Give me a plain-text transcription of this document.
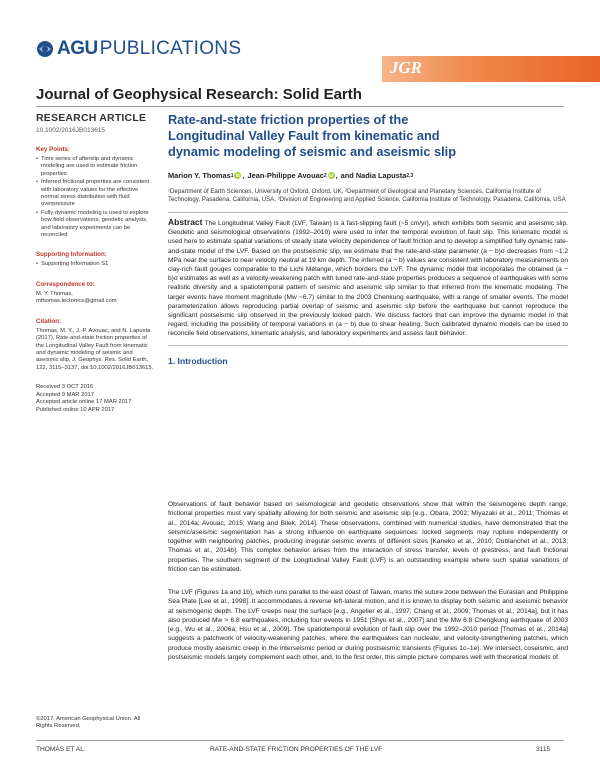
AGU PUBLICATIONS
JGR
Journal of Geophysical Research: Solid Earth
RESEARCH ARTICLE
10.1002/2016JB013615
Key Points:
• Time series of afterslip and dynamic modeling are used to estimate friction properties
• Inferred frictional properties are consistent with laboratory values for the effective normal stress distribution with fluid overpressure
• Fully dynamic modeling is used to explore how field observations, geodetic analysis, and laboratory experiments can be reconciled
Supporting Information:
• Supporting Information S1
Correspondence to:
M. Y. Thomas,
mthomas.tectonics@gmail.com
Citation:
Thomas, M. Y., J.-P. Avouac, and N. Lapusta (2017), Rate-and-state friction properties of the Longitudinal Valley Fault from kinematic and dynamic modeling of seismic and aseismic slip, J. Geophys. Res. Solid Earth, 122, 3115–3137, doi:10.1002/2016JB013615.
Received 3 OCT 2016
Accepted 9 MAR 2017
Accepted article online 17 MAR 2017
Published online 10 APR 2017
©2017. American Geophysical Union. All Rights Reserved.
Rate-and-state friction properties of the Longitudinal Valley Fault from kinematic and dynamic modeling of seismic and aseismic slip
Marion Y. Thomas 1 iD , Jean-Philippe Avouac 2 iD , and Nadia Lapusta 2,3
¹Department of Earth Sciences, University of Oxford, Oxford, UK, ²Department of Geological and Planetary Sciences, California Institute of Technology, Pasadena, California, USA, ³Division of Engineering and Applied Science, California Institute of Technology, Pasadena, California, USA
Abstract The Longitudinal Valley Fault (LVF, Taiwan) is a fast-slipping fault (~5 cm/yr), which exhibits both seismic and aseismic slip. Geodetic and seismological observations (1992–2010) were used to infer the temporal evolution of fault slip. This kinematic model is used here to estimate spatial variations of steady state velocity dependence of fault friction and to develop a simplified fully dynamic rate-and-state model of the LVF. Based on the postseismic slip, we estimate that the rate-and-state parameter (a − b)σ decreases from ~1.2 MPa near the surface to near velocity neutral at 19 km depth. The inferred (a − b) values are consistent with laboratory measurements on clay-rich fault gouges comparable to the Lichi Mélange, which borders the LVF. The dynamic model that incoporates the obtained (a − b)σ estimates as well as a velocity-weakening patch with tuned rate-and-state properties produces a sequence of earthquakes with some realistic diversity and a spatiotemporal pattern of seismic and aseismic slip similar to that inferred from the kinematic modeling. The larger events have moment magnitude (Mw ~6.7) similar to the 2003 Chenkung earthquake, with a range of smaller events. The model parameterization allows reproducing partial overlap of seismic and aseismic slip before the earthquake but cannot reproduce the significant postseismic slip observed in the previously locked patch. We discuss factors that can improve the dynamic model in that regard, including the possibility of temporal variations in (a − b) due to shear heating. Such calibrated dynamic models can be used to reconcile field observations, kinematic analysis, and laboratory experiments and assess fault behavior.
1. Introduction
Observations of fault behavior based on seismological and geodetic observations show that within the seismogenic depth range, frictional properties must vary spatially allowing for both seismic and aseismic slip [e.g., Obara, 2002; Miyazaki et al., 2011; Thomas et al., 2014a; Avouac, 2015; Wang and Bilek, 2014]. These observations, combined with numerical studies, have demonstrated that the seismic/aseismic segmentation has a strong influence on earthquake sequences: locked segments may rupture independently or together with neighboring patches, producing irregular seismic events of different sizes [Kaneko et al., 2010; Dublanchet et al., 2013; Thomas et al., 2014b]. This complex behavior arises from the interaction of stress transfer, levels of prestress, and fault frictional properties. The southern segment of the Longitudinal Valley Fault (LVF) is an outstanding example where such spatial variations of friction can be estimated.
The LVF (Figures 1a and 1b), which runs parallel to the east coast of Taiwan, marks the suture zone between the Eurasian and Philippine Sea Plate [Lee et al., 1998]. It accommodates a reverse left-lateral motion, and it is known to display both seismic and aseismic behavior at seismogenic depth. The LVF creeps near the surface [e.g., Angelier et al., 1997; Chang et al., 2009; Thomas et al., 2014a], but it has also produced Mw > 6.8 earthquakes, including four events in 1951 [Shyu et al., 2007] and the Mw 6.8 Chengkung earthquake of 2003 [e.g., Wu et al., 2006a; Hsu et al., 2009]. The spatiotemporal evolution of fault slip over the 1992–2010 period [Thomas et al., 2014a] suggests a patchwork of velocity-weakening patches, where the earthquakes can nucleate, and velocity-strengthening patches, which produce mostly aseismic creep in the interseismic period or during postseismic transients (Figures 1c–1e). We intersect, coseismic, and postseismic models largely complement each other, and, to the first order, this simple picture compares well with theoretical models of
THOMAS ET AL.	RATE-AND-STATE FRICTION PROPERTIES OF THE LVF	3115
